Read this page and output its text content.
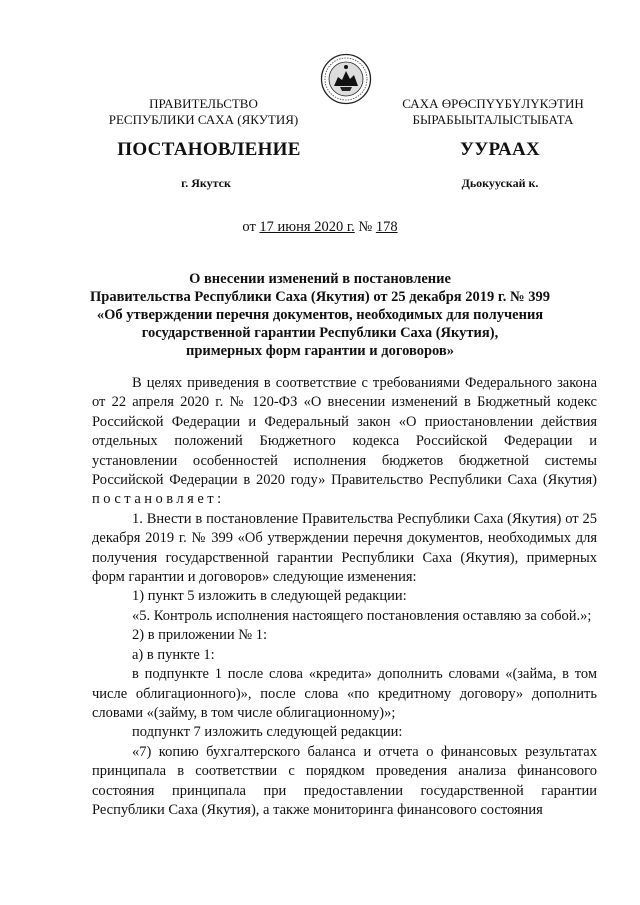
ПРАВИТЕЛЬСТВО
РЕСПУБЛИКИ САХА (ЯКУТИЯ)
САХА ӨРӨСПҮҮБҮЛҮКЭТИН
БЫРАБЫЫТАЛЫСТЫБАТА
ПОСТАНОВЛЕНИЕ	УУРААХ
г. Якутск	Дьокуускай к.
от 17 июня 2020 г. № 178
О внесении изменений в постановление
Правительства Республики Саха (Якутия) от 25 декабря 2019 г. № 399
«Об утверждении перечня документов, необходимых для получения
государственной гарантии Республики Саха (Якутия),
примерных форм гарантии и договоров»

В целях приведения в соответствие с требованиями Федерального закона от 22 апреля 2020 г. № 120-ФЗ «О внесении изменений в Бюджетный кодекс Российской Федерации и Федеральный закон «О приостановлении действия отдельных положений Бюджетного кодекса Российской Федерации и установлении особенностей исполнения бюджетов бюджетной системы Российской Федерации в 2020 году» Правительство Республики Саха (Якутия) постановляет:

1. Внести в постановление Правительства Республики Саха (Якутия) от 25 декабря 2019 г. № 399 «Об утверждении перечня документов, необходимых для получения государственной гарантии Республики Саха (Якутия), примерных форм гарантии и договоров» следующие изменения:

1) пункт 5 изложить в следующей редакции:

«5. Контроль исполнения настоящего постановления оставляю за собой.»;

2) в приложении № 1:

а) в пункте 1:

в подпункте 1 после слова «кредита» дополнить словами «(займа, в том числе облигационного)», после слова «по кредитному договору» дополнить словами «(займу, в том числе облигационному)»;

подпункт 7 изложить следующей редакции:

«7) копию бухгалтерского баланса и отчета о финансовых результатах принципала в соответствии с порядком проведения анализа финансового состояния принципала при предоставлении государственной гарантии Республики Саха (Якутия), а также мониторинга финансового состояния
